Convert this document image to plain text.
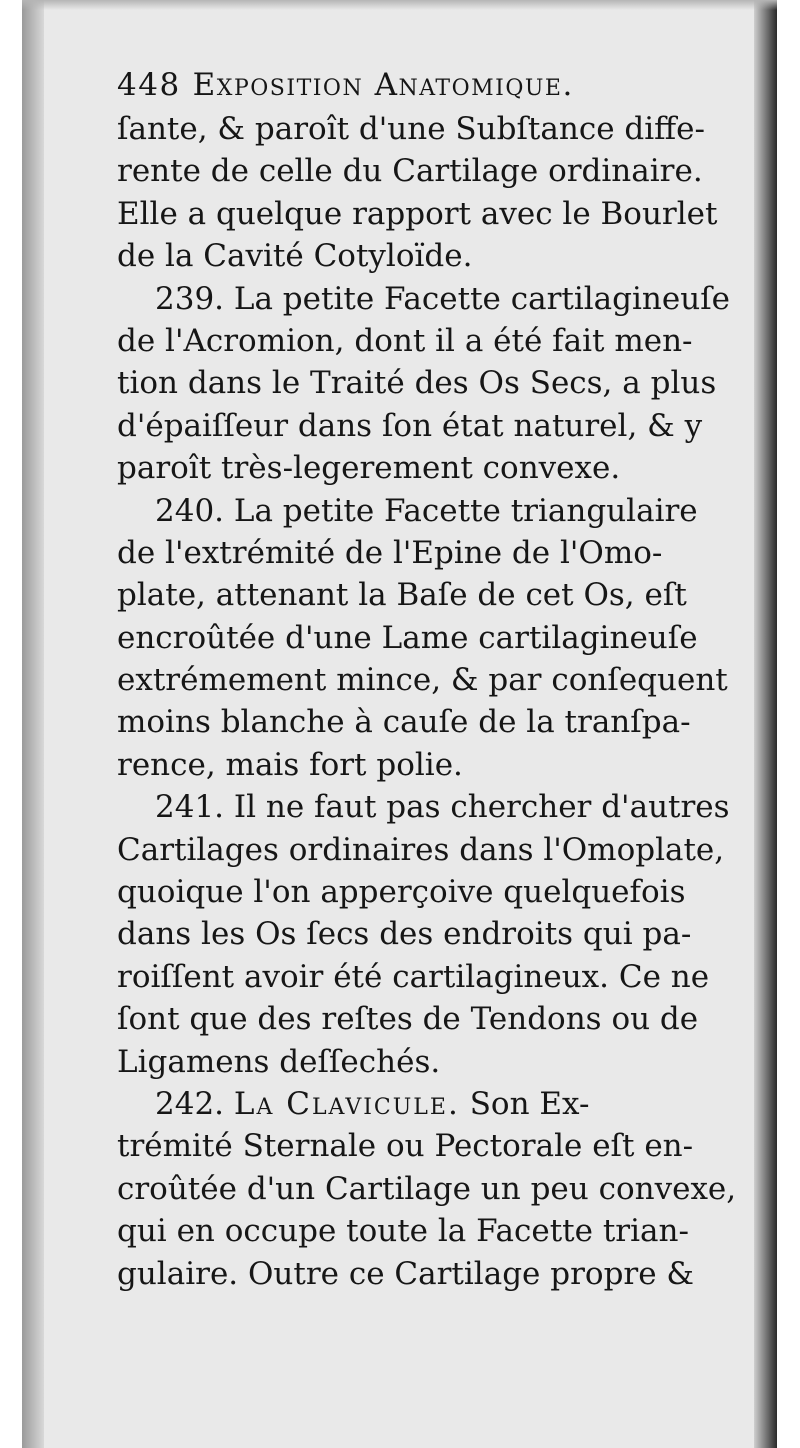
448 Exposition Anatomique.
ſante, & paroît d'une Subſtance diffe-
rente de celle du Cartilage ordinaire.
Elle a quelque rapport avec le Bourlet
de la Cavité Cotyloïde.
239. La petite Facette cartilagineuſe
de l'Acromion, dont il a été fait men-
tion dans le Traité des Os Secs, a plus
d'épaiſſeur dans ſon état naturel, & y
paroît très-legerement convexe.
240. La petite Facette triangulaire
de l'extrémité de l'Epine de l'Omo-
plate, attenant la Baſe de cet Os, eſt
encroûtée d'une Lame cartilagineuſe
extrémement mince, & par conſequent
moins blanche à cauſe de la tranſpa-
rence, mais fort polie.
241. Il ne faut pas chercher d'autres
Cartilages ordinaires dans l'Omoplate,
quoique l'on apperçoive quelquefois
dans les Os ſecs des endroits qui pa-
roiſſent avoir été cartilagineux. Ce ne
ſont que des reſtes de Tendons ou de
Ligamens deſſechés.
242. La Clavicule. Son Ex-
trémité Sternale ou Pectorale eſt en-
croûtée d'un Cartilage un peu convexe,
qui en occupe toute la Facette trian-
gulaire. Outre ce Cartilage propre &
